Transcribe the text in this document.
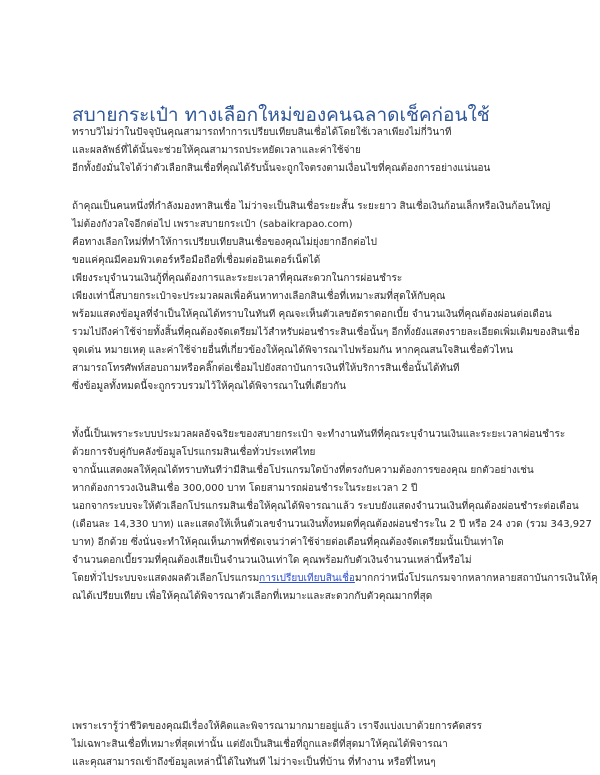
สบายกระเป๋า ทางเลือกใหม่ของคนฉลาดเช็คก่อนใช้
ทราบวิไม่ว่าในปัจจุบันคุณสามารถทำการเปรียบเทียบสินเชื่อได้โดยใช้เวลาเพียงไม่กี่วินาที
และผลลัพธ์ที่ได้นั้นจะช่วยให้คุณสามารถประหยัดเวลาและค่าใช้จ่าย
อีกทั้งยังมั่นใจได้ว่าตัวเลือกสินเชื่อที่คุณได้รับนั้นจะถูกใจตรงตามเงื่อนไขที่คุณต้องการอย่างแน่นอน
ถ้าคุณเป็นคนหนึ่งที่กำลังมองหาสินเชื่อ ไม่ว่าจะเป็นสินเชื่อระยะสั้น ระยะยาว สินเชื่อเงินก้อนเล็กหรือเงินก้อนใหญ่
ไม่ต้องกังวลใจอีกต่อไป เพราะสบายกระเป๋า (sabaikrapao.com)
คือทางเลือกใหม่ที่ทำให้การเปรียบเทียบสินเชื่อของคุณไม่ยุ่งยากอีกต่อไป
ขอแค่คุณมีคอมพิวเตอร์หรือมือถือที่เชื่อมต่ออินเตอร์เน็ตได้
เพียงระบุจำนวนเงินกู้ที่คุณต้องการและระยะเวลาที่คุณสะดวกในการผ่อนชำระ
เพียงเท่านี้สบายกระเป๋าจะประมวลผลเพื่อค้นหาทางเลือกสินเชื่อที่เหมาะสมที่สุดให้กับคุณ
พร้อมแสดงข้อมูลที่จำเป็นให้คุณได้ทราบในทันที คุณจะเห็นตัวเลขอัตราดอกเบี้ย จำนวนเงินที่คุณต้องผ่อนต่อเดือน
รวมไปถึงค่าใช้จ่ายทั้งสิ้นที่คุณต้องจัดเตรียมไว้สำหรับผ่อนชำระสินเชื่อนั้นๆ อีกทั้งยังแสดงรายละเอียดเพิ่มเติมของสินเชื่อ
จุดเด่น หมายเหตุ และค่าใช้จ่ายอื่นที่เกี่ยวข้องให้คุณได้พิจารณาไปพร้อมกัน หากคุณสนใจสินเชื่อตัวไหน
สามารถโทรศัพท์สอบถามหรือคลิ๊กต่อเชื่อมไปยังสถาบันการเงินที่ให้บริการสินเชื่อนั้นได้ทันที
ซึ่งข้อมูลทั้งหมดนี้จะถูกรวบรวมไว้ให้คุณได้พิจารณาในที่เดียวกัน
ทั้งนี้เป็นเพราะระบบประมวลผลอัจฉริยะของสบายกระเป๋า จะทำงานทันทีที่คุณระบุจำนวนเงินและระยะเวลาผ่อนชำระ
ด้วยการจับคู่กับคลังข้อมูลโปรแกรมสินเชื่อทั่วประเทศไทย
จากนั้นแสดงผลให้คุณได้ทราบทันทีว่ามีสินเชื่อโปรแกรมใดบ้างที่ตรงกับความต้องการของคุณ ยกตัวอย่างเช่น
หากต้องการวงเงินสินเชื่อ 300,000 บาท โดยสามารถผ่อนชำระในระยะเวลา 2 ปี
นอกจากระบบจะให้ตัวเลือกโปรแกรมสินเชื่อให้คุณได้พิจารณาแล้ว ระบบยังแสดงจำนวนเงินที่คุณต้องผ่อนชำระต่อเดือน
(เดือนละ 14,330 บาท) และแสดงให้เห็นตัวเลขจำนวนเงินทั้งหมดที่คุณต้องผ่อนชำระใน 2 ปี หรือ 24 งวด (รวม 343,927
บาท) อีกด้วย ซึ่งนั่นจะทำให้คุณเห็นภาพที่ชัดเจนว่าค่าใช้จ่ายต่อเดือนที่คุณต้องจัดเตรียมนั้นเป็นเท่าใด
จำนวนดอกเบี้ยรวมที่คุณต้องเสียเป็นจำนวนเงินเท่าใด คุณพร้อมกับตัวเงินจำนวนเหล่านี้หรือไม่
โดยทั่วไประบบจะแสดงผลตัวเลือกโปรแกรมการเปรียบเทียบสินเชื่อมากกว่าหนึ่งโปรแกรมจากหลากหลายสถาบันการเงินให้คุ
ณได้เปรียบเทียบ เพื่อให้คุณได้พิจารณาตัวเลือกที่เหมาะและสะดวกกับตัวคุณมากที่สุด
เพราะเรารู้ว่าชีวิตของคุณมีเรื่องให้คิดและพิจารณามากมายอยู่แล้ว เราจึงแบ่งเบาด้วยการคัดสรร
ไม่เฉพาะสินเชื่อที่เหมาะที่สุดเท่านั้น แต่ยังเป็นสินเชื่อที่ถูกและดีที่สุดมาให้คุณได้พิจารณา
และคุณสามารถเข้าถึงข้อมูลเหล่านี้ได้ในทันที ไม่ว่าจะเป็นที่บ้าน ที่ทำงาน หรือที่ไหนๆ
